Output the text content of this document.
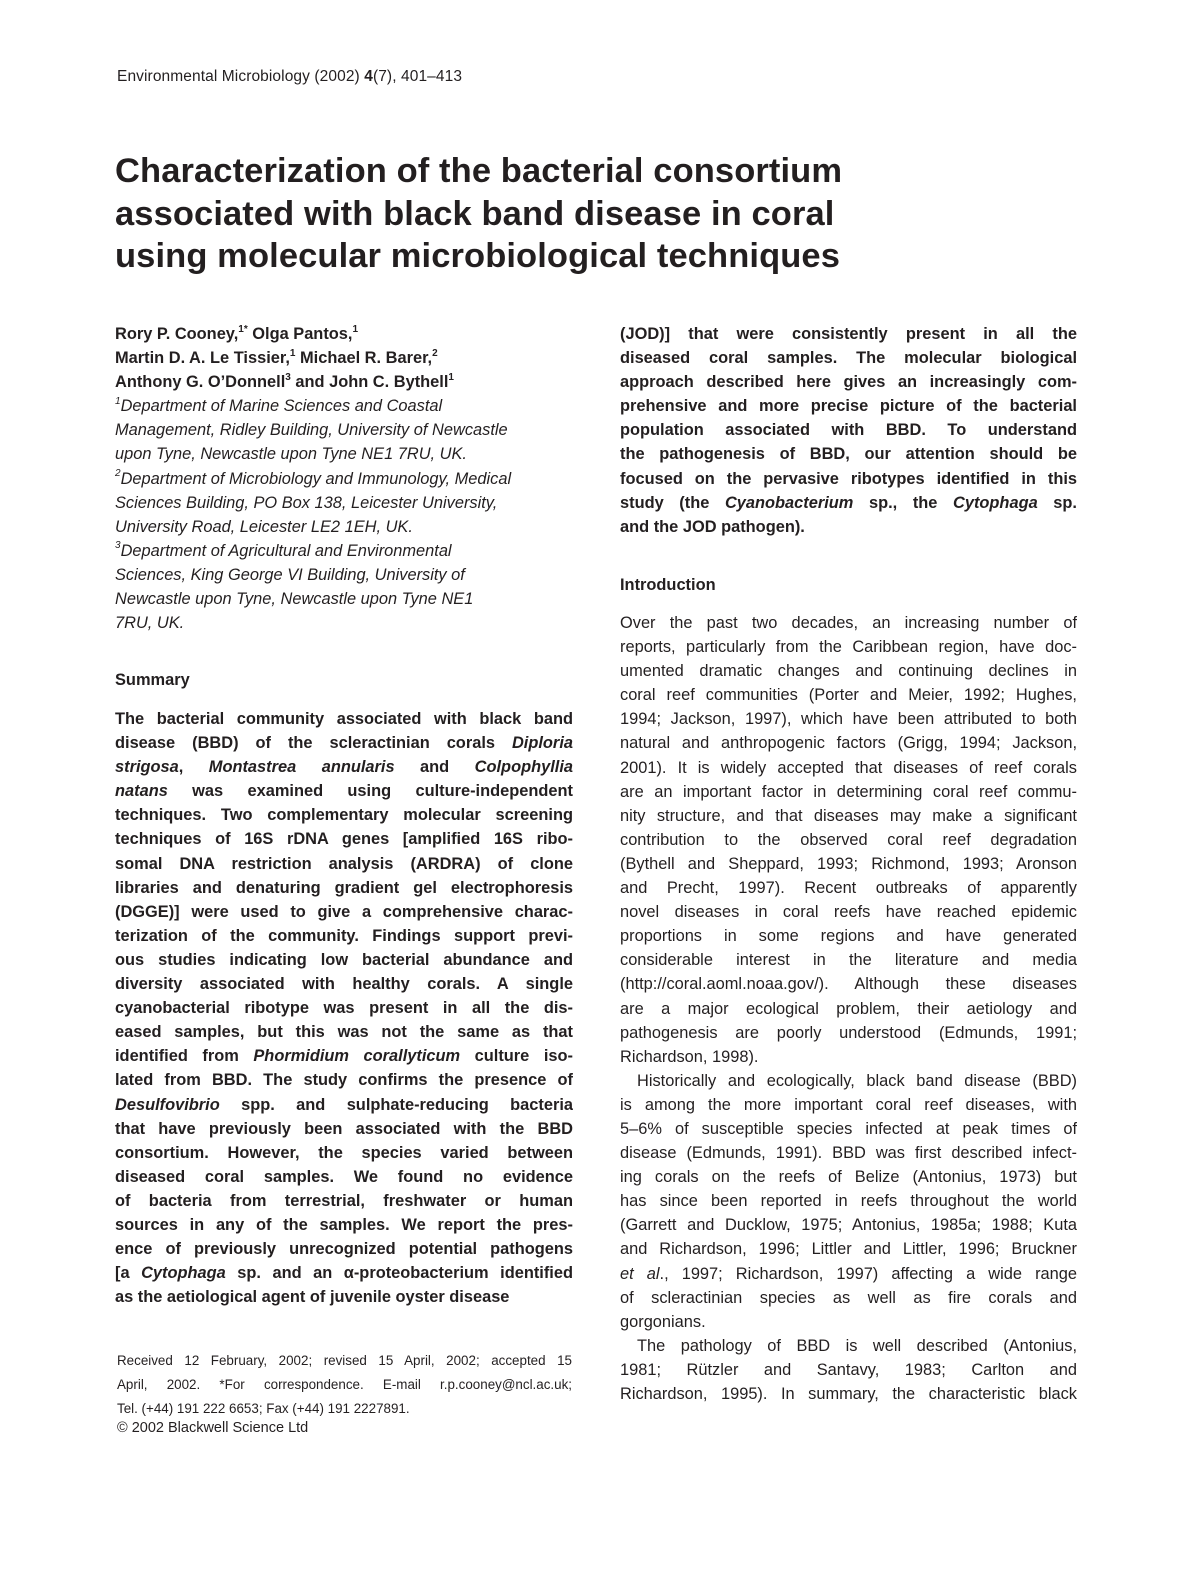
Environmental Microbiology (2002) 4(7), 401–413
Characterization of the bacterial consortium
associated with black band disease in coral
using molecular microbiological techniques
Rory P. Cooney,$^{1*}$ Olga Pantos,$^1$
Martin D. A. Le Tissier,$^1$ Michael R. Barer,$^2$
Anthony G. O’Donnell$^3$ and John C. Bythell$^1$
$^1$Department of Marine Sciences and Coastal
Management, Ridley Building, University of Newcastle
upon Tyne, Newcastle upon Tyne NE1 7RU, UK.
$^2$Department of Microbiology and Immunology, Medical
Sciences Building, PO Box 138, Leicester University,
University Road, Leicester LE2 1EH, UK.
$^3$Department of Agricultural and Environmental
Sciences, King George VI Building, University of
Newcastle upon Tyne, Newcastle upon Tyne NE1
7RU, UK.
Summary
The bacterial community associated with black band
disease (BBD) of the scleractinian corals Diploria
strigosa, Montastrea annularis and Colpophyllia
natans was examined using culture-independent
techniques. Two complementary molecular screening
techniques of 16S rDNA genes [amplified 16S ribo-
somal DNA restriction analysis (ARDRA) of clone
libraries and denaturing gradient gel electrophoresis
(DGGE)] were used to give a comprehensive charac-
terization of the community. Findings support previ-
ous studies indicating low bacterial abundance and
diversity associated with healthy corals. A single
cyanobacterial ribotype was present in all the dis-
eased samples, but this was not the same as that
identified from Phormidium corallyticum culture iso-
lated from BBD. The study confirms the presence of
Desulfovibrio spp. and sulphate-reducing bacteria
that have previously been associated with the BBD
consortium. However, the species varied between
diseased coral samples. We found no evidence
of bacteria from terrestrial, freshwater or human
sources in any of the samples. We report the pres-
ence of previously unrecognized potential pathogens
[a Cytophaga sp. and an α-proteobacterium identified
as the aetiological agent of juvenile oyster disease
Received 12 February, 2002; revised 15 April, 2002; accepted 15
April, 2002. *For correspondence. E-mail r.p.cooney@ncl.ac.uk;
Tel. (+44) 191 222 6653; Fax (+44) 191 2227891.
© 2002 Blackwell Science Ltd
(JOD)] that were consistently present in all the
diseased coral samples. The molecular biological
approach described here gives an increasingly com-
prehensive and more precise picture of the bacterial
population associated with BBD. To understand
the pathogenesis of BBD, our attention should be
focused on the pervasive ribotypes identified in this
study (the Cyanobacterium sp., the Cytophaga sp.
and the JOD pathogen).
Introduction
Over the past two decades, an increasing number of
reports, particularly from the Caribbean region, have doc-
umented dramatic changes and continuing declines in
coral reef communities (Porter and Meier, 1992; Hughes,
1994; Jackson, 1997), which have been attributed to both
natural and anthropogenic factors (Grigg, 1994; Jackson,
2001). It is widely accepted that diseases of reef corals
are an important factor in determining coral reef commu-
nity structure, and that diseases may make a significant
contribution to the observed coral reef degradation
(Bythell and Sheppard, 1993; Richmond, 1993; Aronson
and Precht, 1997). Recent outbreaks of apparently
novel diseases in coral reefs have reached epidemic
proportions in some regions and have generated
considerable interest in the literature and media
(http://coral.aoml.noaa.gov/). Although these diseases
are a major ecological problem, their aetiology and
pathogenesis are poorly understood (Edmunds, 1991;
Richardson, 1998).
Historically and ecologically, black band disease (BBD)
is among the more important coral reef diseases, with
5–6% of susceptible species infected at peak times of
disease (Edmunds, 1991). BBD was first described infect-
ing corals on the reefs of Belize (Antonius, 1973) but
has since been reported in reefs throughout the world
(Garrett and Ducklow, 1975; Antonius, 1985a; 1988; Kuta
and Richardson, 1996; Littler and Littler, 1996; Bruckner
et al., 1997; Richardson, 1997) affecting a wide range
of scleractinian species as well as fire corals and
gorgonians.
The pathology of BBD is well described (Antonius,
1981; Rützler and Santavy, 1983; Carlton and
Richardson, 1995). In summary, the characteristic black
